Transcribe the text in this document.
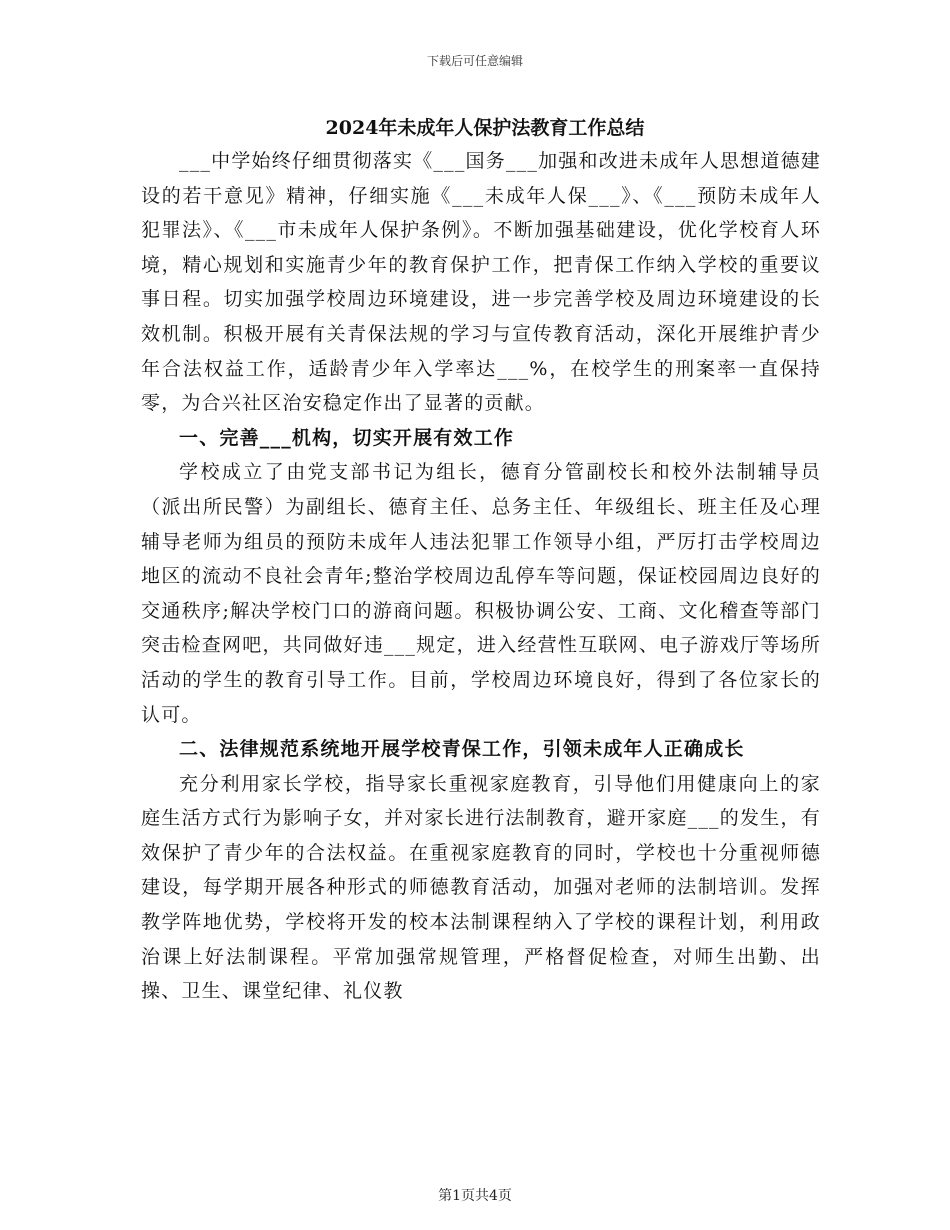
下载后可任意编辑
2024年未成年人保护法教育工作总结

___中学始终仔细贯彻落实《___国务___加强和改进未成年人思想道德建设的若干意见》精神，仔细实施《___未成年人保___》、《___预防未成年人犯罪法》、《___市未成年人保护条例》。不断加强基础建设，优化学校育人环境，精心规划和实施青少年的教育保护工作，把青保工作纳入学校的重要议事日程。切实加强学校周边环境建设，进一步完善学校及周边环境建设的长效机制。积极开展有关青保法规的学习与宣传教育活动，深化开展维护青少年合法权益工作，适龄青少年入学率达___%，在校学生的刑案率一直保持零，为合兴社区治安稳定作出了显著的贡献。

一、完善___机构，切实开展有效工作

学校成立了由党支部书记为组长，德育分管副校长和校外法制辅导员（派出所民警）为副组长、德育主任、总务主任、年级组长、班主任及心理辅导老师为组员的预防未成年人违法犯罪工作领导小组，严厉打击学校周边地区的流动不良社会青年;整治学校周边乱停车等问题，保证校园周边良好的交通秩序;解决学校门口的游商问题。积极协调公安、工商、文化稽查等部门突击检查网吧，共同做好违___规定，进入经营性互联网、电子游戏厅等场所活动的学生的教育引导工作。目前，学校周边环境良好，得到了各位家长的认可。

二、法律规范系统地开展学校青保工作，引领未成年人正确成长

充分利用家长学校，指导家长重视家庭教育，引导他们用健康向上的家庭生活方式行为影响子女，并对家长进行法制教育，避开家庭___的发生，有效保护了青少年的合法权益。在重视家庭教育的同时，学校也十分重视师德建设，每学期开展各种形式的师德教育活动，加强对老师的法制培训。发挥教学阵地优势，学校将开发的校本法制课程纳入了学校的课程计划，利用政治课上好法制课程。平常加强常规管理，严格督促检查，对师生出勤、出操、卫生、课堂纪律、礼仪教

第1页共4页
